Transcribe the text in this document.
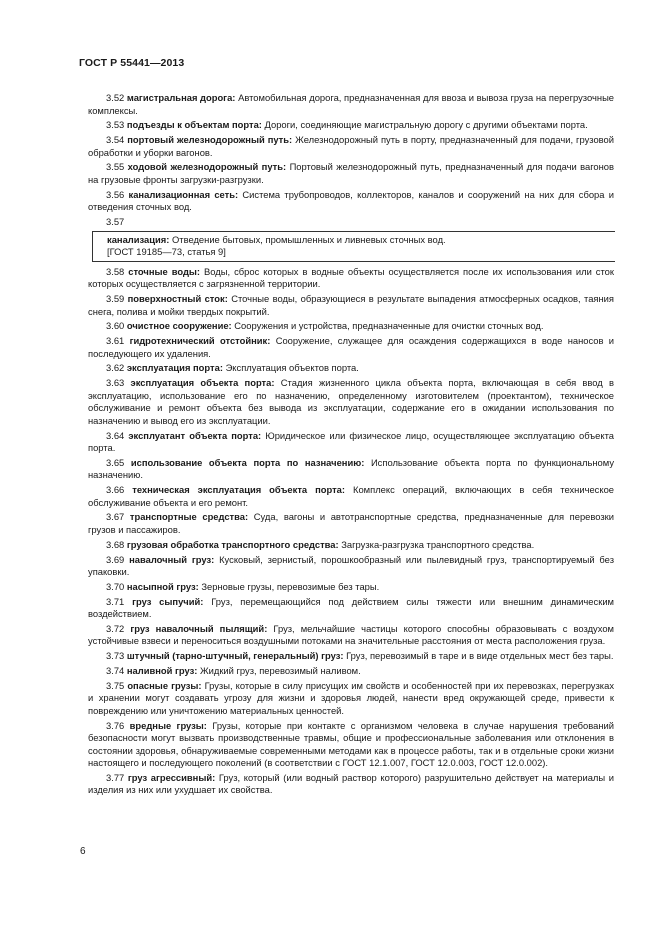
ГОСТ Р 55441—2013

3.52 магистральная дорога: Автомобильная дорога, предназначенная для ввоза и вывоза груза на перегрузочные комплексы.

3.53 подъезды к объектам порта: Дороги, соединяющие магистральную дорогу с другими объектами порта.

3.54 портовый железнодорожный путь: Железнодорожный путь в порту, предназначенный для подачи, грузовой обработки и уборки вагонов.

3.55 ходовой железнодорожный путь: Портовый железнодорожный путь, предназначенный для подачи вагонов на грузовые фронты загрузки-разгрузки.

3.56 канализационная сеть: Система трубопроводов, коллекторов, каналов и сооружений на них для сбора и отведения сточных вод.

3.57

канализация: Отведение бытовых, промышленных и ливневых сточных вод.

[ГОСТ 19185—73, статья 9]

3.58 сточные воды: Воды, сброс которых в водные объекты осуществляется после их использования или сток которых осуществляется с загрязненной территории.

3.59 поверхностный сток: Сточные воды, образующиеся в результате выпадения атмосферных осадков, таяния снега, полива и мойки твердых покрытий.

3.60 очистное сооружение: Сооружения и устройства, предназначенные для очистки сточных вод.

3.61 гидротехнический отстойник: Сооружение, служащее для осаждения содержащихся в воде наносов и последующего их удаления.

3.62 эксплуатация порта: Эксплуатация объектов порта.

3.63 эксплуатация объекта порта: Стадия жизненного цикла объекта порта, включающая в себя ввод в эксплуатацию, использование его по назначению, определенному изготовителем (проектантом), техническое обслуживание и ремонт объекта без вывода из эксплуатации, содержание его в ожидании использования по назначению и вывод его из эксплуатации.

3.64 эксплуатант объекта порта: Юридическое или физическое лицо, осуществляющее эксплуатацию объекта порта.

3.65 использование объекта порта по назначению: Использование объекта порта по функциональному назначению.

3.66 техническая эксплуатация объекта порта: Комплекс операций, включающих в себя техническое обслуживание объекта и его ремонт.

3.67 транспортные средства: Суда, вагоны и автотранспортные средства, предназначенные для перевозки грузов и пассажиров.

3.68 грузовая обработка транспортного средства: Загрузка-разгрузка транспортного средства.

3.69 навалочный груз: Кусковый, зернистый, порошкообразный или пылевидный груз, транспортируемый без упаковки.

3.70 насыпной груз: Зерновые грузы, перевозимые без тары.

3.71 груз сыпучий: Груз, перемещающийся под действием силы тяжести или внешним динамическим воздействием.

3.72 груз навалочный пылящий: Груз, мельчайшие частицы которого способны образовывать с воздухом устойчивые взвеси и переноситься воздушными потоками на значительные расстояния от места расположения груза.

3.73 штучный (тарно-штучный, генеральный) груз: Груз, перевозимый в таре и в виде отдельных мест без тары.

3.74 наливной груз: Жидкий груз, перевозимый наливом.

3.75 опасные грузы: Грузы, которые в силу присущих им свойств и особенностей при их перевозках, перегрузках и хранении могут создавать угрозу для жизни и здоровья людей, нанести вред окружающей среде, привести к повреждению или уничтожению материальных ценностей.

3.76 вредные грузы: Грузы, которые при контакте с организмом человека в случае нарушения требований безопасности могут вызвать производственные травмы, общие и профессиональные заболевания или отклонения в состоянии здоровья, обнаруживаемые современными методами как в процессе работы, так и в отдельные сроки жизни настоящего и последующего поколений (в соответствии с ГОСТ 12.1.007, ГОСТ 12.0.003, ГОСТ 12.0.002).

3.77 груз агрессивный: Груз, который (или водный раствор которого) разрушительно действует на материалы и изделия из них или ухудшает их свойства.

6
